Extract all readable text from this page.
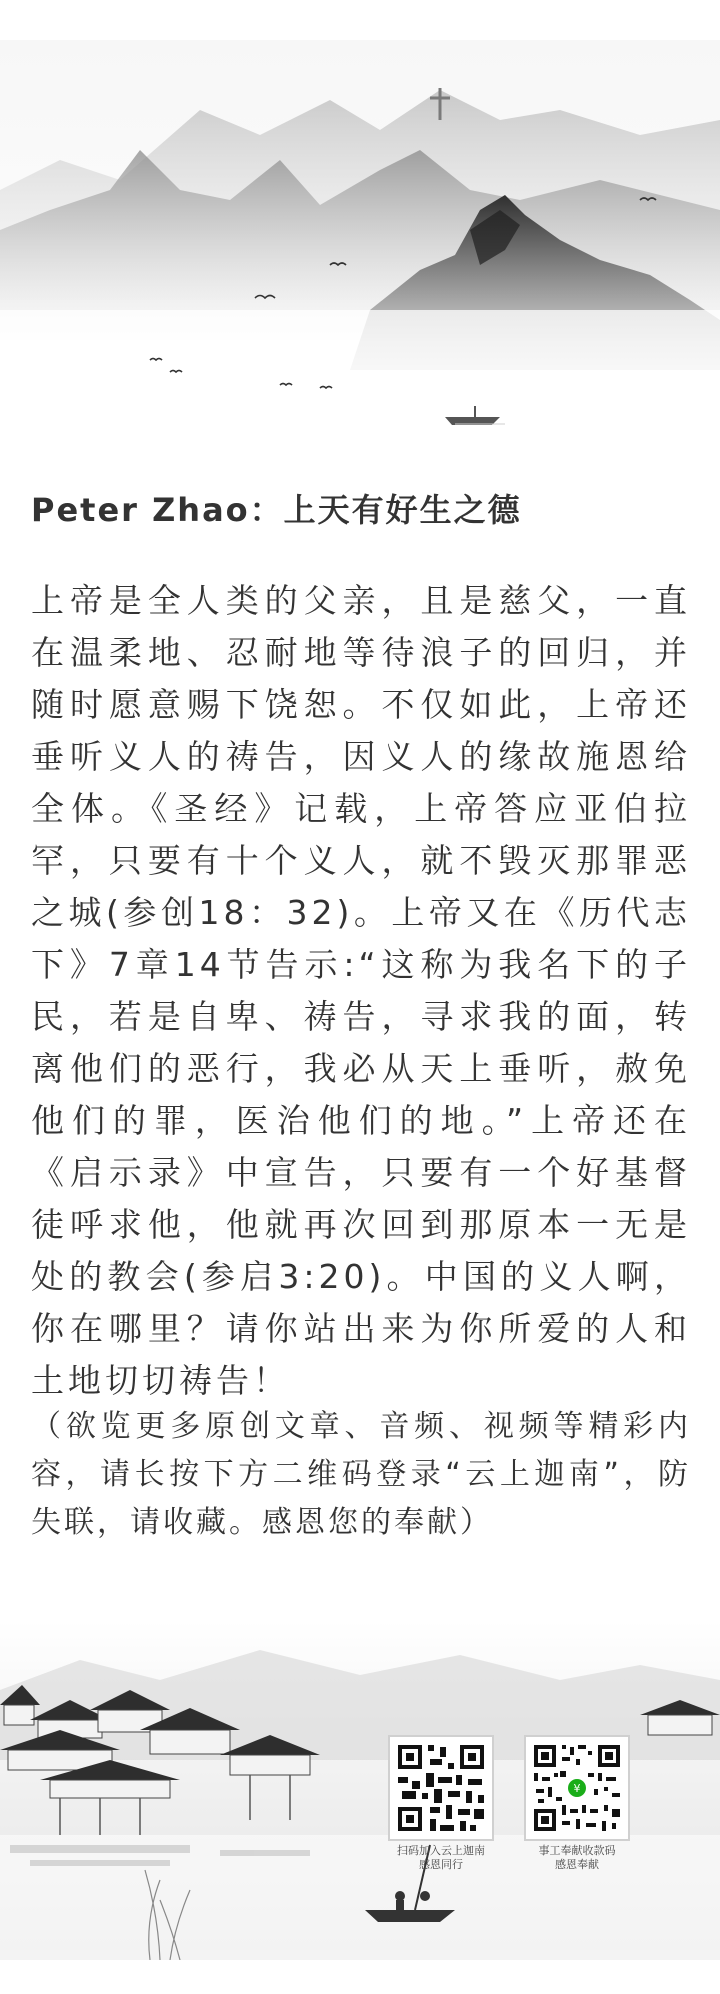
Peter Zhao：上天有好生之德

上帝是全人类的父亲，且是慈父，一直在温柔地、忍耐地等待浪子的回归，并随时愿意赐下饶恕。不仅如此，上帝还垂听义人的祷告，因义人的缘故施恩给全体。《圣经》记载，上帝答应亚伯拉罕，只要有十个义人，就不毁灭那罪恶之城(参创18：32)。上帝又在《历代志下》7章14节告示:“这称为我名下的子民，若是自卑、祷告，寻求我的面，转离他们的恶行，我必从天上垂听，赦免他们的罪，医治他们的地。”上帝还在《启示录》中宣告，只要有一个好基督徒呼求他，他就再次回到那原本一无是处的教会(参启3:20)。中国的义人啊，你在哪里？请你站出来为你所爱的人和土地切切祷告！

（欲览更多原创文章、音频、视频等精彩内容，请长按下方二维码登录“云上迦南”，防失联，请收藏。感恩您的奉献）

扫码加入云上迦南
感恩同行
¥
事工奉献收款码
感恩奉献
